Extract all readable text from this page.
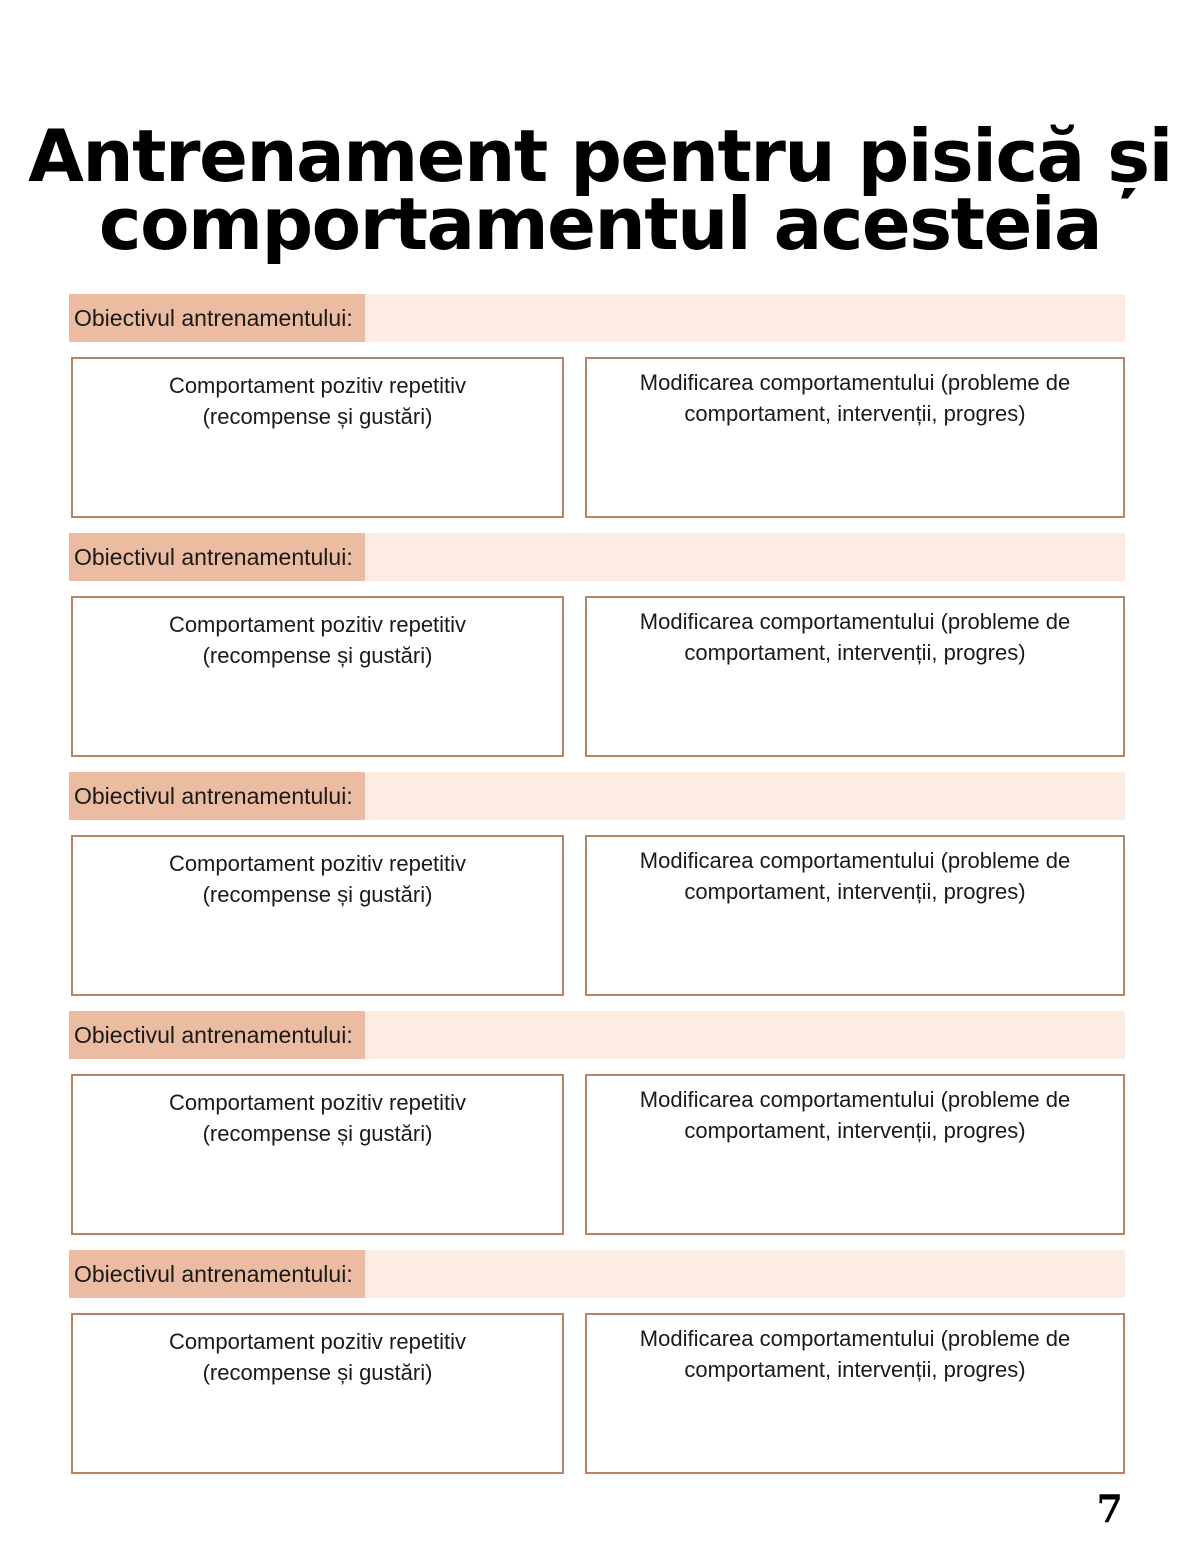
Antrenament pentru pisică și
comportamentul acesteia
Obiectivul antrenamentului:
Comportament pozitiv repetitiv
(recompense și gustări)
Modificarea comportamentului (probleme de
comportament, intervenții, progres)
Obiectivul antrenamentului:
Comportament pozitiv repetitiv
(recompense și gustări)
Modificarea comportamentului (probleme de
comportament, intervenții, progres)
Obiectivul antrenamentului:
Comportament pozitiv repetitiv
(recompense și gustări)
Modificarea comportamentului (probleme de
comportament, intervenții, progres)
Obiectivul antrenamentului:
Comportament pozitiv repetitiv
(recompense și gustări)
Modificarea comportamentului (probleme de
comportament, intervenții, progres)
Obiectivul antrenamentului:
Comportament pozitiv repetitiv
(recompense și gustări)
Modificarea comportamentului (probleme de
comportament, intervenții, progres)
7
